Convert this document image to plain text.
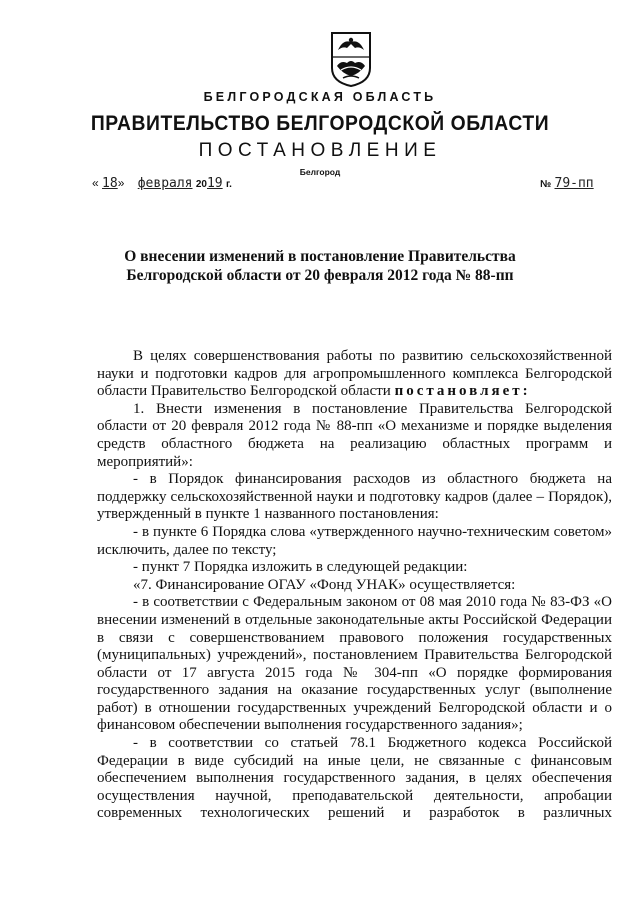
БЕЛГОРОДСКАЯ ОБЛАСТЬ
ПРАВИТЕЛЬСТВО БЕЛГОРОДСКОЙ ОБЛАСТИ
ПОСТАНОВЛЕНИЕ
Белгород
« 18» февраля 2019 г.	№ 79-пп
О внесении изменений в постановление Правительства
Белгородской области от 20 февраля 2012 года № 88-пп

В целях совершенствования работы по развитию сельскохозяйственной науки и подготовки кадров для агропромышленного комплекса Белгородской области Правительство Белгородской области постановляет:

1. Внести изменения в постановление Правительства Белгородской области от 20 февраля 2012 года № 88-пп «О механизме и порядке выделения средств областного бюджета на реализацию областных программ и мероприятий»:

- в Порядок финансирования расходов из областного бюджета на поддержку сельскохозяйственной науки и подготовку кадров (далее – Порядок), утвержденный в пункте 1 названного постановления:

- в пункте 6 Порядка слова «утвержденного научно-техническим советом» исключить, далее по тексту;

- пункт 7 Порядка изложить в следующей редакции:

«7. Финансирование ОГАУ «Фонд УНАК» осуществляется:

- в соответствии с Федеральным законом от 08 мая 2010 года № 83-ФЗ «О внесении изменений в отдельные законодательные акты Российской Федерации в связи с совершенствованием правового положения государственных (муниципальных) учреждений», постановлением Правительства Белгородской области от 17 августа 2015 года № 304-пп «О порядке формирования государственного задания на оказание государственных услуг (выполнение работ) в отношении государственных учреждений Белгородской области и о финансовом обеспечении выполнения государственного задания»;

- в соответствии со статьей 78.1 Бюджетного кодекса Российской Федерации в виде субсидий на иные цели, не связанные с финансовым обеспечением выполнения государственного задания, в целях обеспечения осуществления научной, преподавательской деятельности, апробации современных технологических решений и разработок в различных
